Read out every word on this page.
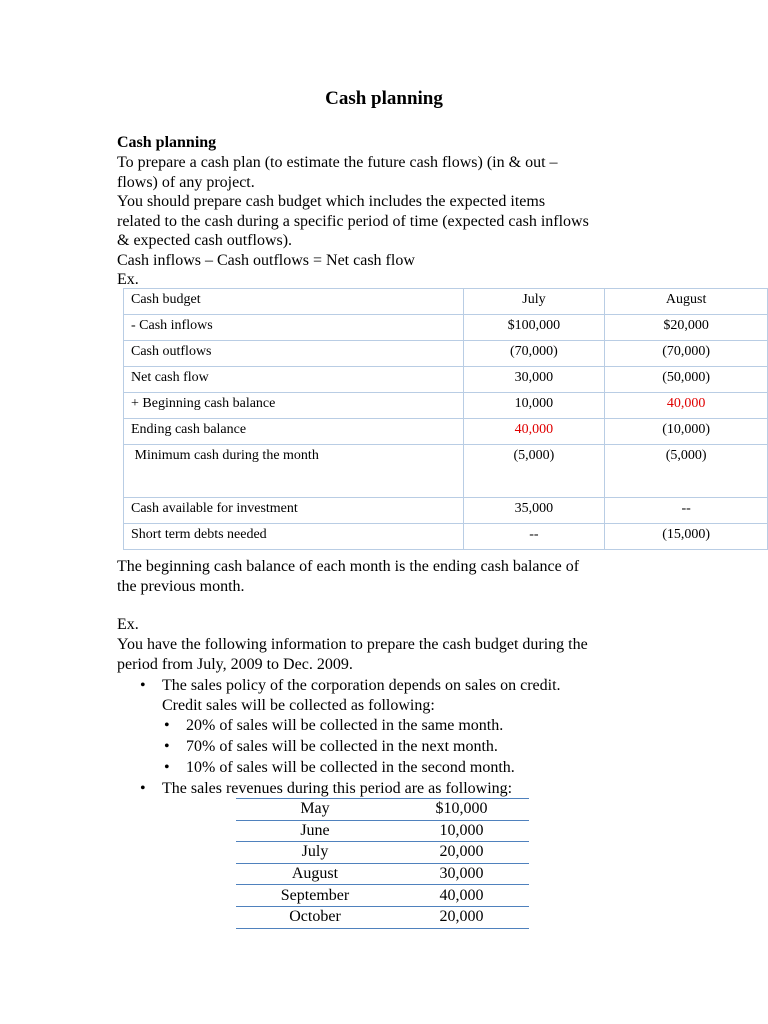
Cash planning
Cash planning
To prepare a cash plan (to estimate the future cash flows) (in & out –
flows) of any project.
You should prepare cash budget which includes the expected items
related to the cash during a specific period of time (expected cash inflows
& expected cash outflows).
Cash inflows – Cash outflows = Net cash flow
Ex.
Cash budget	July	August
- Cash inflows	$100,000	$20,000
Cash outflows	(70,000)	(70,000)
Net cash flow	30,000	(50,000)
+ Beginning cash balance	10,000	40,000
Ending cash balance	40,000	(10,000)
Minimum cash during the month	(5,000)	(5,000)
Cash available for investment	35,000	--
Short term debts needed	--	(15,000)
The beginning cash balance of each month is the ending cash balance of
the previous month.
Ex.
You have the following information to prepare the cash budget during the
period from July, 2009 to Dec. 2009.
• The sales policy of the corporation depends on sales on credit.
Credit sales will be collected as following:
• 20% of sales will be collected in the same month.
• 70% of sales will be collected in the next month.
• 10% of sales will be collected in the second month.
• The sales revenues during this period are as following:
May	$10,000
June	10,000
July	20,000
August	30,000
September	40,000
October	20,000
